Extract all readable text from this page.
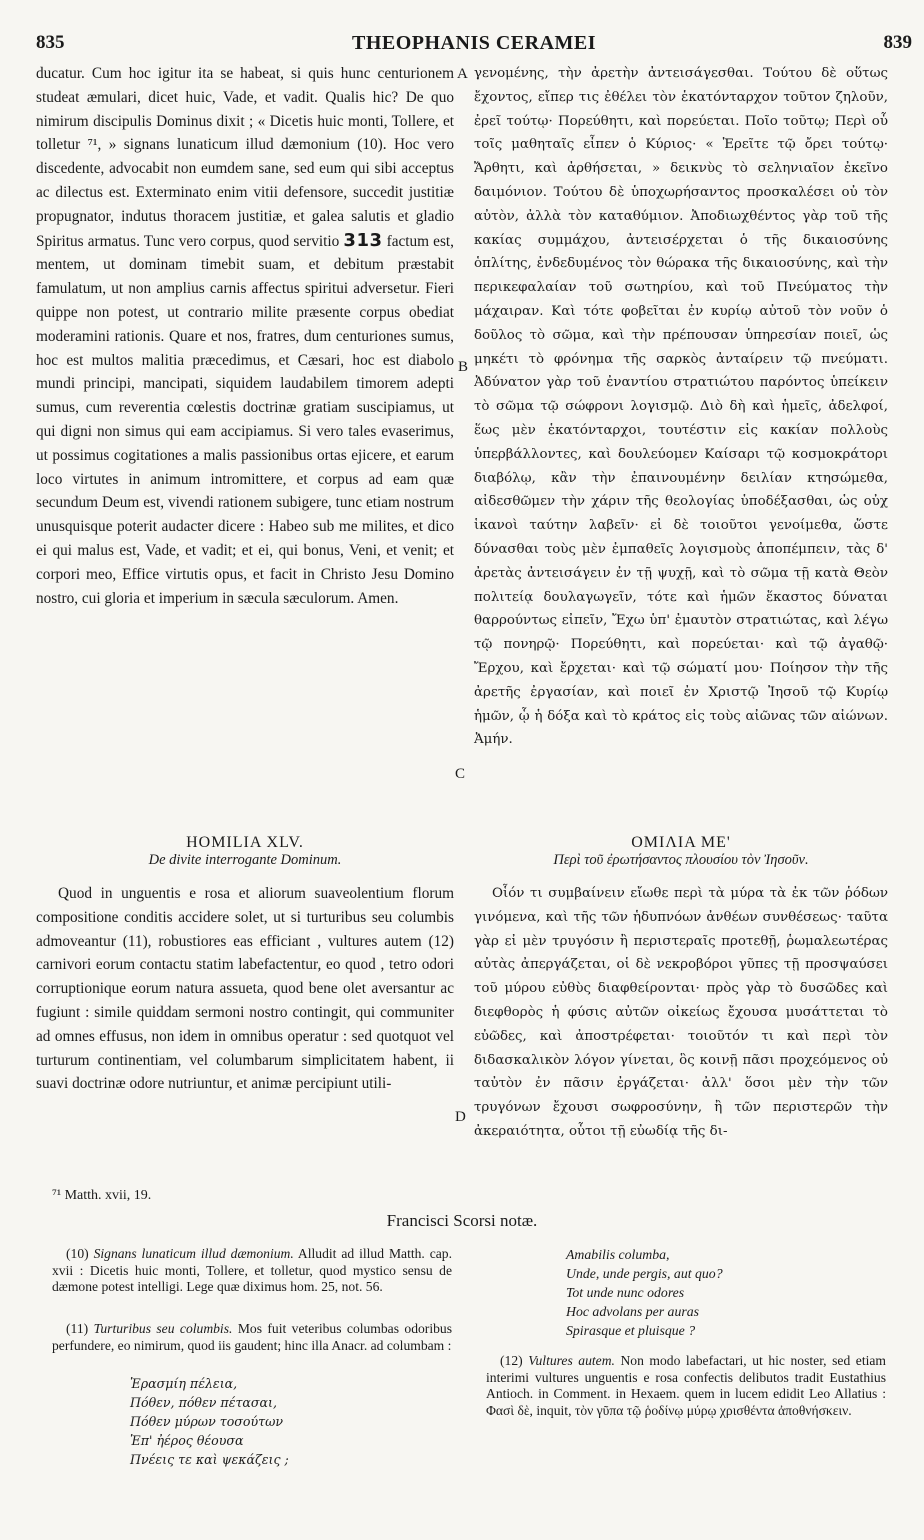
835	THEOPHANIS CERAMEI	839

ducatur. Cum hoc igitur ita se habeat, si quis hunc centurionem studeat æmulari, dicet huic, Vade, et vadit. Qualis hic? De quo nimirum discipulis Dominus dixit ; « Dicetis huic monti, Tollere, et tolletur ⁷¹, » signans lunaticum illud dæmonium (10). Hoc vero discedente, advocabit non eumdem sane, sed eum qui sibi acceptus ac dilectus est. Exterminato enim vitii defensore, succedit justitiæ propugnator, indutus thoracem justitiæ, et galea salutis et gladio Spiritus armatus. Tunc vero corpus, quod servitio 313 factum est, mentem, ut dominam timebit suam, et debitum præstabit famulatum, ut non amplius carnis affectus spiritui adversetur. Fieri quippe non potest, ut contrario milite præsente corpus obediat moderamini rationis. Quare et nos, fratres, dum centuriones sumus, hoc est multos malitia præcedimus, et Cæsari, hoc est diabolo mundi principi, mancipati, siquidem laudabilem timorem adepti sumus, cum reverentia cœlestis doctrinæ gratiam suscipiamus, ut qui digni non simus qui eam accipiamus. Si vero tales evaserimus, ut possimus cogitationes a malis passionibus ortas ejicere, et earum loco virtutes in animum intromittere, et corpus ad eam quæ secundum Deum est, vivendi rationem subigere, tunc etiam nostrum unusquisque poterit audacter dicere : Habeo sub me milites, et dico ei qui malus est, Vade, et vadit; et ei, qui bonus, Veni, et venit; et corpori meo, Effice virtutis opus, et facit in Christo Jesu Domino nostro, cui gloria et imperium in sæcula sæculorum. Amen.

A
B
C
D

γενομένης, τὴν ἀρετὴν ἀντεισάγεσθαι. Τούτου δὲ οὕτως ἔχοντος, εἴπερ τις ἐθέλει τὸν ἑκατόνταρχον τοῦτον ζηλοῦν, ἐρεῖ τούτῳ· Πορεύθητι, καὶ πορεύεται. Ποῖο τοῦτῳ; Περὶ οὗ τοῖς μαθηταῖς εἶπεν ὁ Κύριος· « Ἐρεῖτε τῷ ὄρει τούτῳ· Ἄρθητι, καὶ ἀρθήσεται, » δεικνὺς τὸ σεληνιαῖον ἐκεῖνο δαιμόνιον. Τούτου δὲ ὑποχωρήσαντος προσκαλέσει οὐ τὸν αὐτὸν, ἀλλὰ τὸν καταθύμιον. Ἀποδιωχθέντος γὰρ τοῦ τῆς κακίας συμμάχου, ἀντεισέρχεται ὁ τῆς δικαιοσύνης ὁπλίτης, ἐνδεδυμένος τὸν θώρακα τῆς δικαιοσύνης, καὶ τὴν περικεφαλαίαν τοῦ σωτηρίου, καὶ τοῦ Πνεύματος τὴν μάχαιραν. Καὶ τότε φοβεῖται ἐν κυρίῳ αὐτοῦ τὸν νοῦν ὁ δοῦλος τὸ σῶμα, καὶ τὴν πρέπουσαν ὑπηρεσίαν ποιεῖ, ὡς μηκέτι τὸ φρόνημα τῆς σαρκὸς ἀνταίρειν τῷ πνεύματι. Ἀδύνατον γὰρ τοῦ ἐναντίου στρατιώτου παρόντος ὑπείκειν τὸ σῶμα τῷ σώφρονι λογισμῷ. Διὸ δὴ καὶ ἡμεῖς, ἀδελφοί, ἕως μὲν ἑκατόνταρχοι, τουτέστιν εἰς κακίαν πολλοὺς ὑπερβάλλοντες, καὶ δουλεύομεν Καίσαρι τῷ κοσμοκράτορι διαβόλῳ, κἂν τὴν ἐπαινουμένην δειλίαν κτησώμεθα, αἰδεσθῶμεν τὴν χάριν τῆς θεολογίας ὑποδέξασθαι, ὡς οὐχ ἱκανοὶ ταύτην λαβεῖν· εἰ δὲ τοιοῦτοι γενοίμεθα, ὥστε δύνασθαι τοὺς μὲν ἐμπαθεῖς λογισμοὺς ἀποπέμπειν, τὰς δ' ἀρετὰς ἀντεισάγειν ἐν τῇ ψυχῇ, καὶ τὸ σῶμα τῇ κατὰ Θεὸν πολιτείᾳ δουλαγωγεῖν, τότε καὶ ἡμῶν ἕκαστος δύναται θαρρούντως εἰπεῖν, Ἔχω ὑπ' ἐμαυτὸν στρατιώτας, καὶ λέγω τῷ πονηρῷ· Πορεύθητι, καὶ πορεύεται· καὶ τῷ ἀγαθῷ· Ἔρχου, καὶ ἔρχεται· καὶ τῷ σώματί μου· Ποίησον τὴν τῆς ἀρετῆς ἐργασίαν, καὶ ποιεῖ ἐν Χριστῷ Ἰησοῦ τῷ Κυρίῳ ἡμῶν, ᾧ ἡ δόξα καὶ τὸ κράτος εἰς τοὺς αἰῶνας τῶν αἰώνων. Ἀμήν.

HOMILIA XLV.
De divite interrogante Dominum.
ΟΜΙΛΙΑ ΜΕ'
Περὶ τοῦ ἐρωτήσαντος πλουσίου τὸν Ἰησοῦν.

Quod in unguentis e rosa et aliorum suaveolentium florum compositione conditis accidere solet, ut si turturibus seu columbis admoveantur (11), robustiores eas efficiant , vultures autem (12) carnivori eorum contactu statim labefactentur, eo quod , tetro odori corruptionique eorum natura assueta, quod bene olet aversantur ac fugiunt : simile quiddam sermoni nostro contingit, qui communiter ad omnes effusus, non idem in omnibus operatur : sed quotquot vel turturum continentiam, vel columbarum simplicitatem habent, ii suavi doctrinæ odore nutriuntur, et animæ percipiunt utili-

Οἷόν τι συμβαίνειν εἴωθε περὶ τὰ μύρα τὰ ἐκ τῶν ῥόδων γινόμενα, καὶ τῆς τῶν ἡδυπνόων ἀνθέων συνθέσεως· ταῦτα γὰρ εἰ μὲν τρυγόσιν ἢ περιστεραῖς προτεθῇ, ῥωμαλεωτέρας αὐτὰς ἀπεργάζεται, οἱ δὲ νεκροβόροι γῦπες τῇ προσψαύσει τοῦ μύρου εὐθὺς διαφθείρονται· πρὸς γὰρ τὸ δυσῶδες καὶ διεφθορὸς ἡ φύσις αὐτῶν οἰκείως ἔχουσα μυσάττεται τὸ εὐῶδες, καὶ ἀποστρέφεται· τοιοῦτόν τι καὶ περὶ τὸν διδασκαλικὸν λόγον γίνεται, ὃς κοινῇ πᾶσι προχεόμενος οὐ ταὐτὸν ἐν πᾶσιν ἐργάζεται· ἀλλ' ὅσοι μὲν τὴν τῶν τρυγόνων ἔχουσι σωφροσύνην, ἢ τῶν περιστερῶν τὴν ἀκεραιότητα, οὗτοι τῇ εὐωδίᾳ τῆς δι-

⁷¹ Matth. xvii, 19.
Francisci Scorsi notæ.
(10) Signans lunaticum illud dæmonium. Alludit ad illud Matth. cap. xvii : Dicetis huic monti, Tollere, et tolletur, quod mystico sensu de dæmone potest intelligi. Lege quæ diximus hom. 25, not. 56.
(11) Turturibus seu columbis. Mos fuit veteribus columbas odoribus perfundere, eo nimirum, quod iis gaudent; hinc illa Anacr. ad columbam :
Ἐρασμίη πέλεια,
Πόθεν, πόθεν πέτασαι,
Πόθεν μύρων τοσούτων
Ἐπ' ἠέρος θέουσα
Πνέεις τε καὶ ψεκάζεις ;
Amabilis columba,
Unde, unde pergis, aut quo?
Tot unde nunc odores
Hoc advolans per auras
Spirasque et pluisque ?
(12) Vultures autem. Non modo labefactari, ut hic noster, sed etiam interimi vultures unguentis e rosa confectis delibutos tradit Eustathius Antioch. in Comment. in Hexaem. quem in lucem edidit Leo Allatius : Φασὶ δὲ, inquit, τὸν γῦπα τῷ ῥοδίνῳ μύρῳ χρισθέντα ἀποθνήσκειν.
